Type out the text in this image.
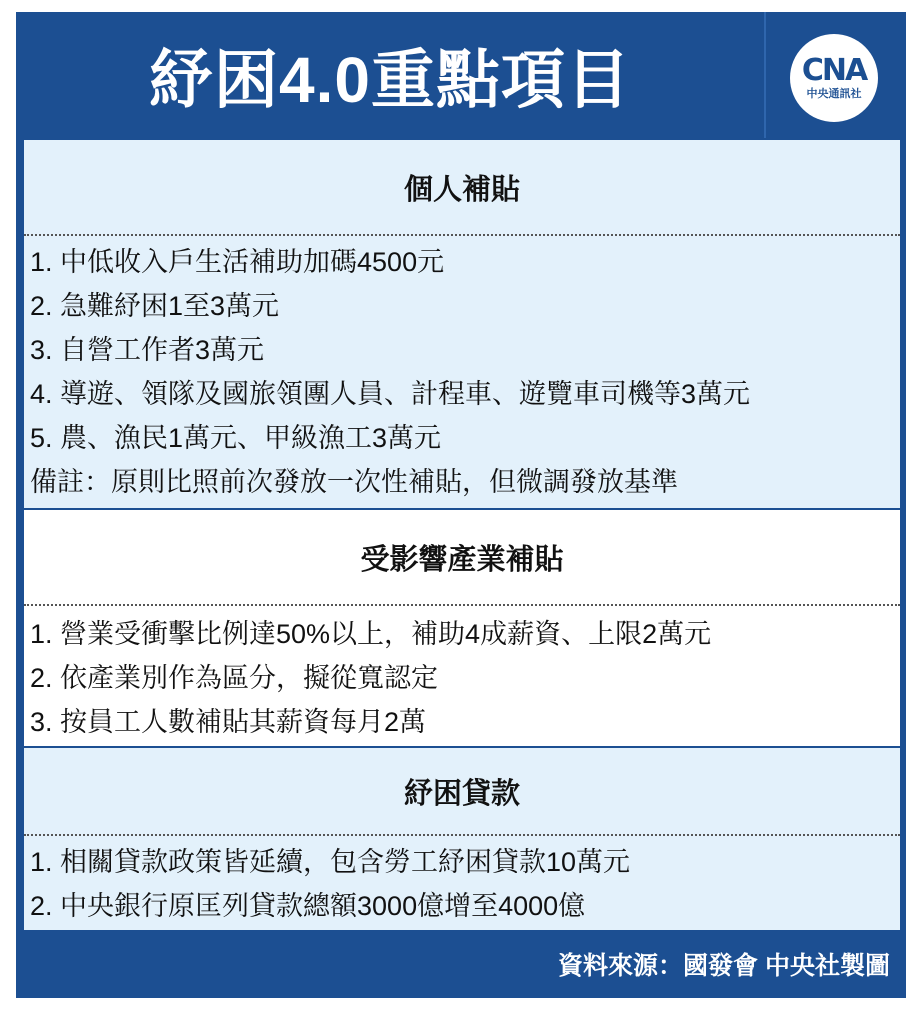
紓困4.0重點項目	CNA
中央通訊社
個人補貼
1. 中低收入戶生活補助加碼4500元
2. 急難紓困1至3萬元
3. 自營工作者3萬元
4. 導遊、領隊及國旅領團人員、計程車、遊覽車司機等3萬元
5. 農、漁民1萬元、甲級漁工3萬元
備註：原則比照前次發放一次性補貼，但微調發放基準
受影響產業補貼
1. 營業受衝擊比例達50%以上，補助4成薪資、上限2萬元
2. 依產業別作為區分，擬從寬認定
3. 按員工人數補貼其薪資每月2萬
紓困貸款
1. 相關貸款政策皆延續，包含勞工紓困貸款10萬元
2. 中央銀行原匡列貸款總額3000億增至4000億
資料來源：國發會 中央社製圖
